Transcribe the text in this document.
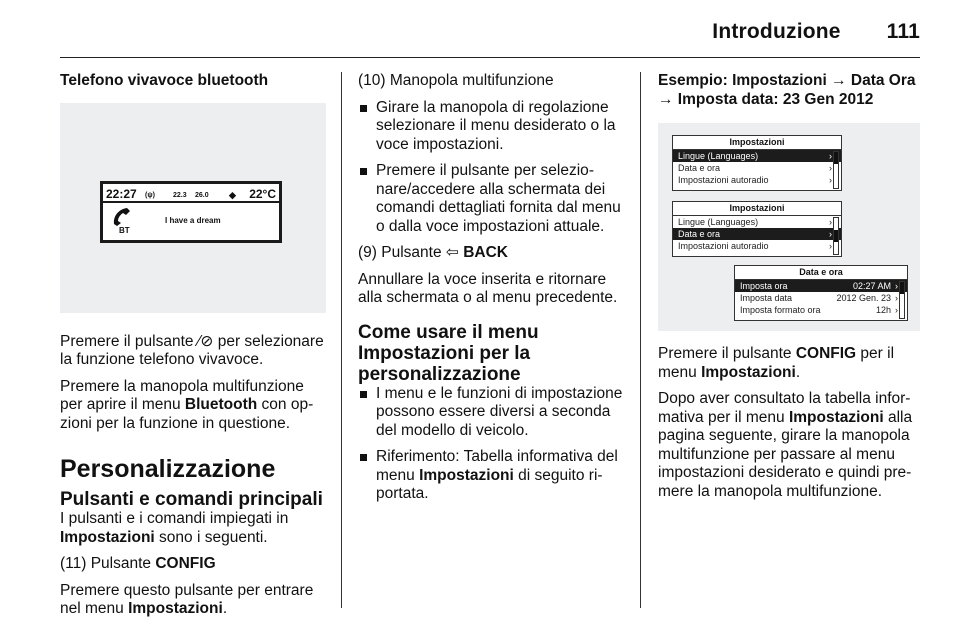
Introduzione 111
Telefono vivavoce bluetooth
22:27 (ψ)	22.3 26.0 ◆ 22°C
BT
I have a dream

Premere il pulsante ⁄⊘ per selezionare la funzione telefono vivavoce.

Premere la manopola multifunzione per aprire il menu Bluetooth con opzioni per la funzione in questione.

Personalizzazione
Pulsanti e comandi principali

I pulsanti e i comandi impiegati in Impostazioni sono i seguenti.

(11) Pulsante CONFIG

Premere questo pulsante per entrare nel menu Impostazioni.

(10) Manopola multifunzione

Girare la manopola di regolazione selezionare il menu desiderato o la voce impostazioni.
Premere il pulsante per selezionare/accedere alla schermata dei comandi dettagliati fornita dal menu o dalla voce impostazioni attuale.

(9) Pulsante ⇦ BACK

Annullare la voce inserita e ritornare alla schermata o al menu precedente.

Come usare il menu Impostazioni per la personalizzazione
I menu e le funzioni di impostazione possono essere diversi a seconda del modello di veicolo.
Riferimento: Tabella informativa del menu Impostazioni di seguito riportata.
Esempio: Impostazioni → Data Ora → Imposta data: 23 Gen 2012
Impostazioni
Lingue (Languages)	›
Data e ora	›
Impostazioni autoradio	›
Impostazioni
Lingue (Languages)	›
Data e ora	›
Impostazioni autoradio	›
Data e ora
Imposta ora	02:27 AM ›
Imposta data	2012 Gen. 23 ›
Imposta formato ora	12h ›

Premere il pulsante CONFIG per il menu Impostazioni.

Dopo aver consultato la tabella informativa per il menu Impostazioni alla pagina seguente, girare la manopola multifunzione per passare al menu impostazioni desiderato e quindi premere la manopola multifunzione.
